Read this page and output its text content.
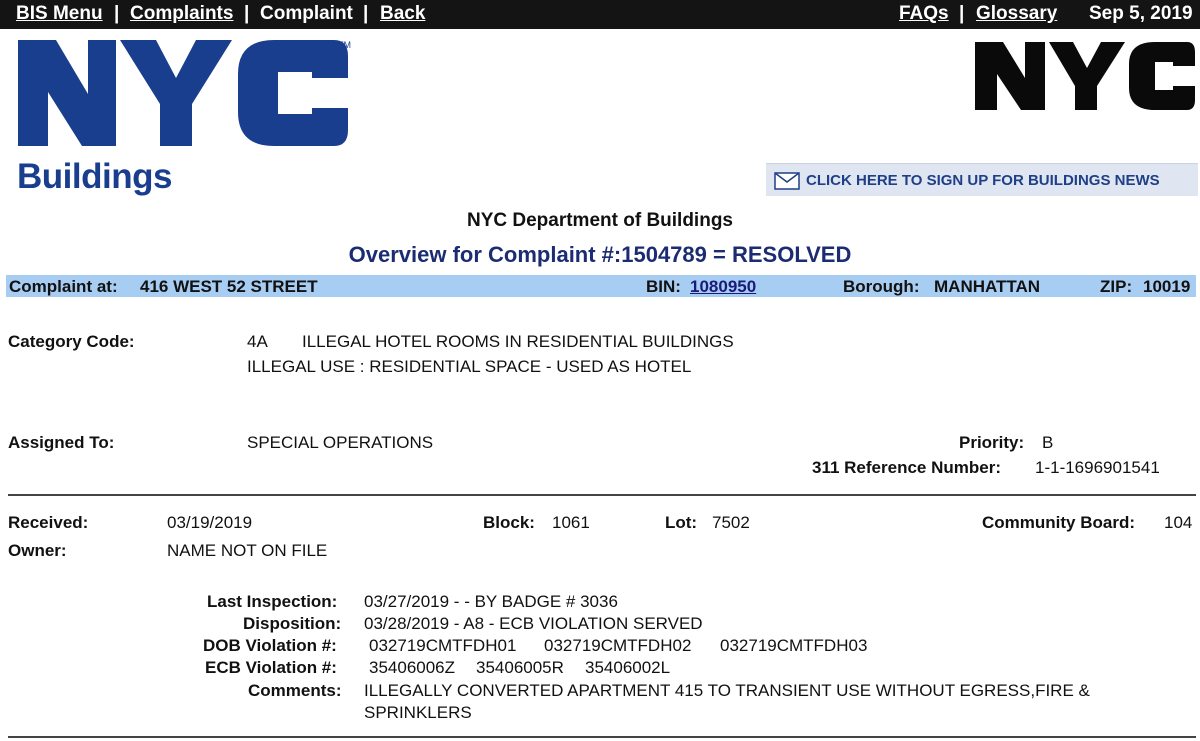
BIS Menu | Complaints | Complaint | Back	FAQs | Glossary Sep 5, 2019
TM
Buildings	CLICK HERE TO SIGN UP FOR BUILDINGS NEWS
NYC Department of Buildings
Overview for Complaint #:1504789 = RESOLVED
Complaint at: 416 WEST 52 STREET	BIN: 1080950	Borough: MANHATTAN	ZIP: 10019
Category Code:	4A ILLEGAL HOTEL ROOMS IN RESIDENTIAL BUILDINGS
ILLEGAL USE : RESIDENTIAL SPACE - USED AS HOTEL
Assigned To:	SPECIAL OPERATIONS	Priority: B
311 Reference Number: 1-1-1696901541
Received:	03/19/2019	Block: 1061	Lot: 7502	Community Board: 104
Owner:	NAME NOT ON FILE
Last Inspection: 03/27/2019 - - BY BADGE # 3036
Disposition: 03/28/2019 - A8 - ECB VIOLATION SERVED
DOB Violation #: 032719CMTFDH01 032719CMTFDH02 032719CMTFDH03
ECB Violation #: 35406006Z 35406005R 35406002L
Comments: ILLEGALLY CONVERTED APARTMENT 415 TO TRANSIENT USE WITHOUT EGRESS,FIRE &
SPRINKLERS
